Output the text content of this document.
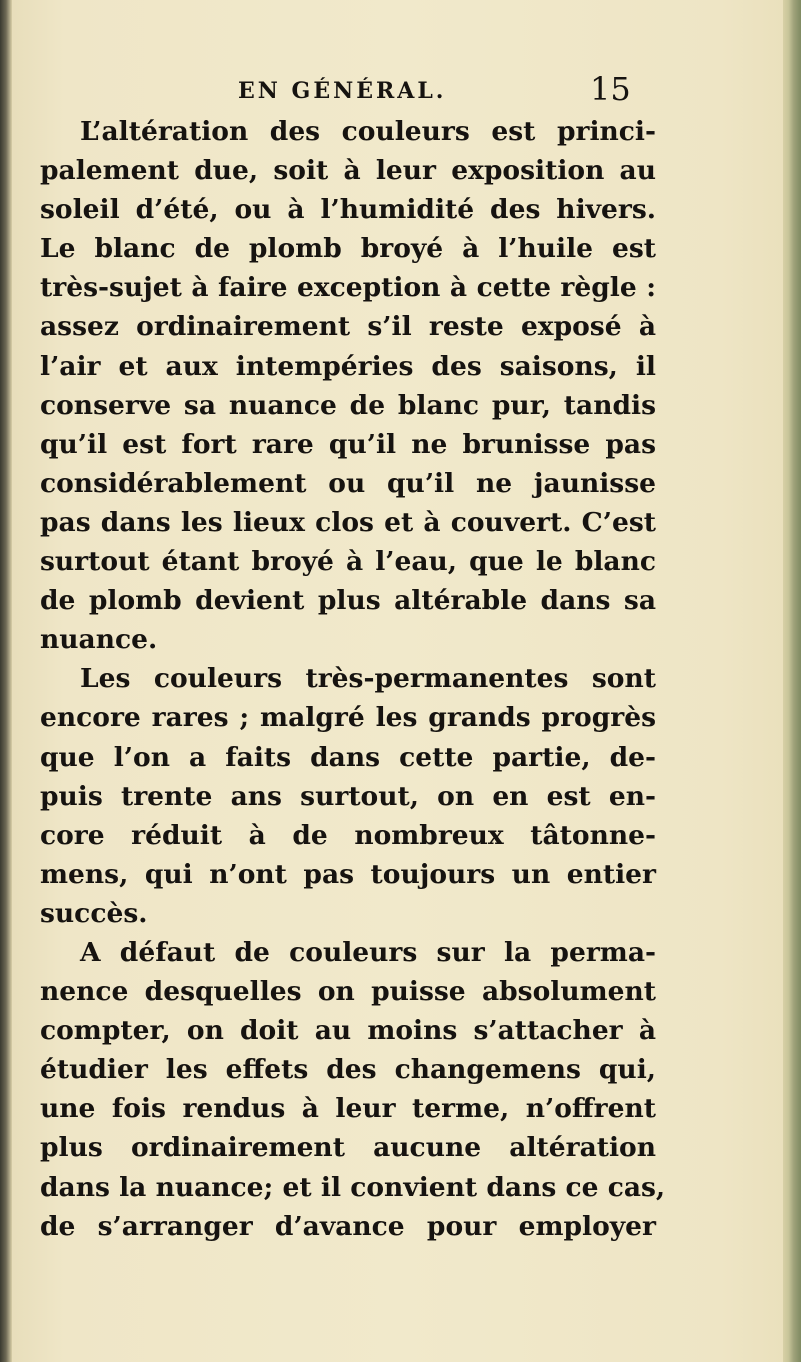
EN GÉNÉRAL.	15
L’altération des couleurs est princi-
palement due, soit à leur exposition au
soleil d’été, ou à l’humidité des hivers.
Le blanc de plomb broyé à l’huile est
très-sujet à faire exception à cette règle :
assez ordinairement s’il reste exposé à
l’air et aux intempéries des saisons, il
conserve sa nuance de blanc pur, tandis
qu’il est fort rare qu’il ne brunisse pas
considérablement ou qu’il ne jaunisse
pas dans les lieux clos et à couvert. C’est
surtout étant broyé à l’eau, que le blanc
de plomb devient plus altérable dans sa
nuance.
Les couleurs très-permanentes sont
encore rares ; malgré les grands progrès
que l’on a faits dans cette partie, de-
puis trente ans surtout, on en est en-
core réduit à de nombreux tâtonne-
mens, qui n’ont pas toujours un entier
succès.
A défaut de couleurs sur la perma-
nence desquelles on puisse absolument
compter, on doit au moins s’attacher à
étudier les effets des changemens qui,
une fois rendus à leur terme, n’offrent
plus ordinairement aucune altération
dans la nuance; et il convient dans ce cas,
de s’arranger d’avance pour employer
